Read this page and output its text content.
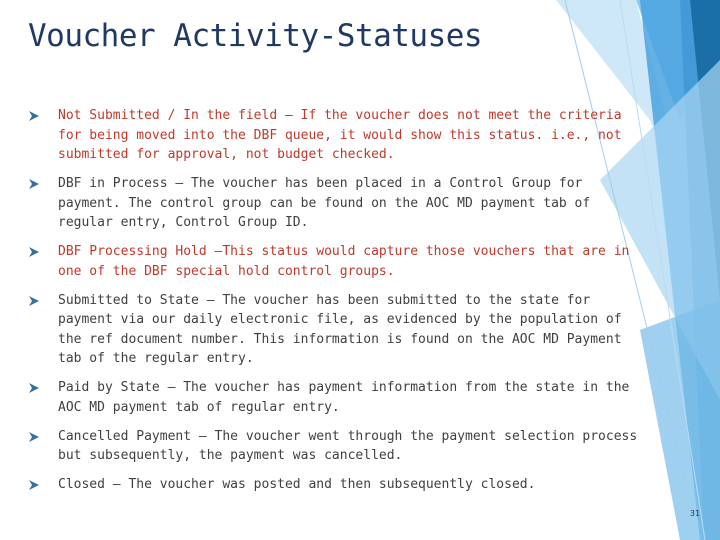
Voucher Activity-Statuses
Not Submitted / In the field – If the voucher does not meet the criteria for being moved into the DBF queue, it would show this status. i.e., not submitted for approval, not budget checked.
DBF in Process – The voucher has been placed in a Control Group for payment. The control group can be found on the AOC MD payment tab of regular entry, Control Group ID.
DBF Processing Hold –This status would capture those vouchers that are in one of the DBF special hold control groups.
Submitted to State – The voucher has been submitted to the state for payment via our daily electronic file, as evidenced by the population of the ref document number. This information is found on the AOC MD Payment tab of the regular entry.
Paid by State – The voucher has payment information from the state in the AOC MD payment tab of regular entry.
Cancelled Payment – The voucher went through the payment selection process but subsequently, the payment was cancelled.
Closed – The voucher was posted and then subsequently closed.
31
